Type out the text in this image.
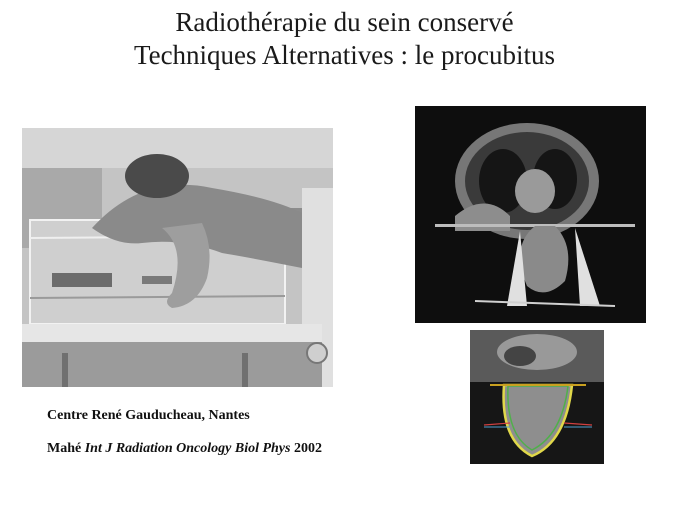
Radiothérapie du sein conservé
Techniques Alternatives : le procubitus
Centre René Gauducheau, Nantes
Mahé Int J Radiation Oncology Biol Phys 2002
